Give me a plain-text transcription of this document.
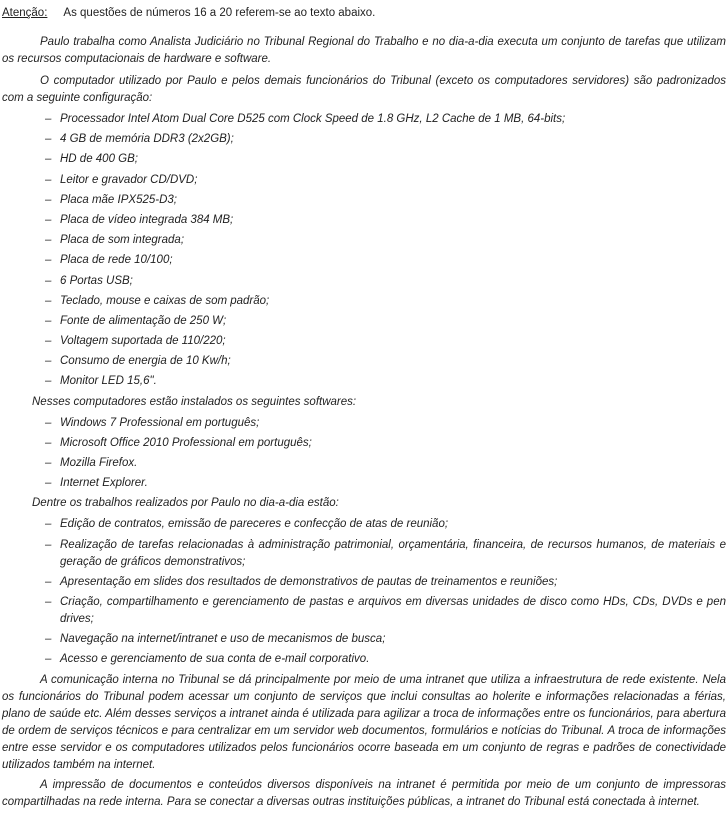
Atenção: As questões de números 16 a 20 referem-se ao texto abaixo.

Paulo trabalha como Analista Judiciário no Tribunal Regional do Trabalho e no dia-a-dia executa um conjunto de tarefas que utilizam os recursos computacionais de hardware e software.

O computador utilizado por Paulo e pelos demais funcionários do Tribunal (exceto os computadores servidores) são padronizados com a seguinte configuração:

– Processador Intel Atom Dual Core D525 com Clock Speed de 1.8 GHz, L2 Cache de 1 MB, 64-bits;
– 4 GB de memória DDR3 (2x2GB);
– HD de 400 GB;
– Leitor e gravador CD/DVD;
– Placa mãe IPX525-D3;
– Placa de vídeo integrada 384 MB;
– Placa de som integrada;
– Placa de rede 10/100;
– 6 Portas USB;
– Teclado, mouse e caixas de som padrão;
– Fonte de alimentação de 250 W;
– Voltagem suportada de 110/220;
– Consumo de energia de 10 Kw/h;
– Monitor LED 15,6".

Nesses computadores estão instalados os seguintes softwares:

– Windows 7 Professional em português;
– Microsoft Office 2010 Professional em português;
– Mozilla Firefox.
– Internet Explorer.

Dentre os trabalhos realizados por Paulo no dia-a-dia estão:

– Edição de contratos, emissão de pareceres e confecção de atas de reunião;
– Realização de tarefas relacionadas à administração patrimonial, orçamentária, financeira, de recursos humanos, de materiais e geração de gráficos demonstrativos;
– Apresentação em slides dos resultados de demonstrativos de pautas de treinamentos e reuniões;
– Criação, compartilhamento e gerenciamento de pastas e arquivos em diversas unidades de disco como HDs, CDs, DVDs e pen drives;
– Navegação na internet/intranet e uso de mecanismos de busca;
– Acesso e gerenciamento de sua conta de e-mail corporativo.

A comunicação interna no Tribunal se dá principalmente por meio de uma intranet que utiliza a infraestrutura de rede existente. Nela os funcionários do Tribunal podem acessar um conjunto de serviços que inclui consultas ao holerite e informações relacionadas a férias, plano de saúde etc. Além desses serviços a intranet ainda é utilizada para agilizar a troca de informações entre os funcionários, para abertura de ordem de serviços técnicos e para centralizar em um servidor web documentos, formulários e notícias do Tribunal. A troca de informações entre esse servidor e os computadores utilizados pelos funcionários ocorre baseada em um conjunto de regras e padrões de conectividade utilizados também na internet.

A impressão de documentos e conteúdos diversos disponíveis na intranet é permitida por meio de um conjunto de impressoras compartilhadas na rede interna. Para se conectar a diversas outras instituições públicas, a intranet do Tribunal está conectada à internet.
